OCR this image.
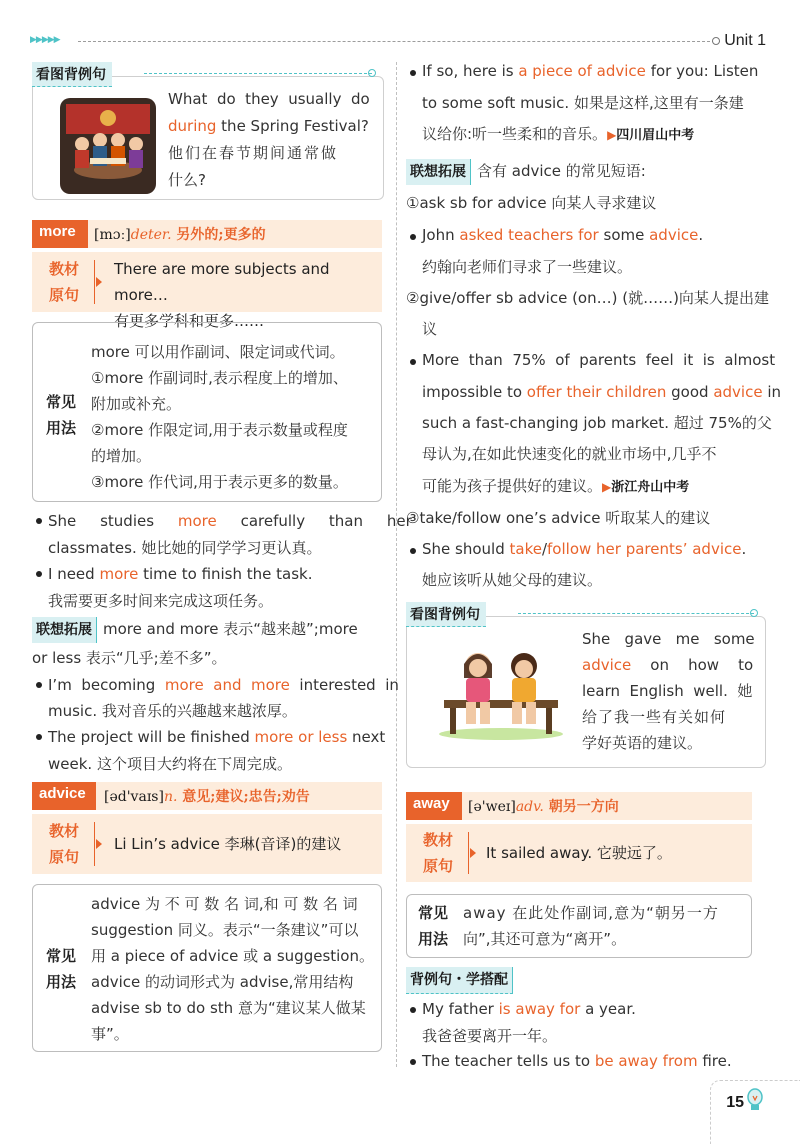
▶▶▶▶▶	Unit 1
看图背例句
What  do  they  usually  do
during the Spring Festival?
他们在春节期间通常做
什么?
more	[mɔː]deter. 另外的;更多的
教材
原句
There are more subjects and more…
有更多学科和更多……
常见
用法
more 可以用作副词、限定词或代词。
①more 作副词时,表示程度上的增加、
附加或补充。
②more 作限定词,用于表示数量或程度
的增加。
③more 作代词,用于表示更多的数量。
She     studies     more     carefully     than     her
classmates. 她比她的同学学习更认真。
I need more time to finish the task.
我需要更多时间来完成这项任务。
联想拓展 more and more 表示“越来越”;more
or less 表示“几乎;差不多”。
I’m  becoming  more  and  more  interested  in
music. 我对音乐的兴趣越来越浓厚。
The project will be finished more or less next
week. 这个项目大约将在下周完成。
advice	[əd'vaɪs]n. 意见;建议;忠告;劝告
教材
原句
Li Lin’s advice 李琳(音译)的建议
常见
用法
advice 为 不 可 数 名 词,和 可 数 名 词
suggestion 同义。表示“一条建议”可以
用 a piece of advice 或 a suggestion。
advice 的动词形式为 advise,常用结构
advise sb to do sth 意为“建议某人做某
事”。
If so, here is a piece of advice for you: Listen
to some soft music. 如果是这样,这里有一条建
议给你:听一些柔和的音乐。▶四川眉山中考
联想拓展 含有 advice 的常见短语:
①ask sb for advice 向某人寻求建议
John asked teachers for some advice.
约翰向老师们寻求了一些建议。
②give/offer sb advice (on…) (就……)向某人提出建
议
More  than  75%  of  parents  feel  it  is  almost
impossible to offer their children good advice in
such a fast-changing job market. 超过 75%的父
母认为,在如此快速变化的就业市场中,几乎不
可能为孩子提供好的建议。▶浙江舟山中考
③take/follow one’s advice 听取某人的建议
She should take/follow her parents’ advice.
她应该听从她父母的建议。
看图背例句
She   gave   me   some
advice    on    how    to
learn  English  well.  她
给了我一些有关如何
学好英语的建议。
away	[ə'weɪ]adv. 朝另一方向
教材
原句
It sailed away. 它驶远了。
常见
用法
away 在此处作副词,意为“朝另一方
向”,其还可意为“离开”。
背例句・学搭配
My father is away for a year.
我爸爸要离开一年。
The teacher tells us to be away from fire.
15
